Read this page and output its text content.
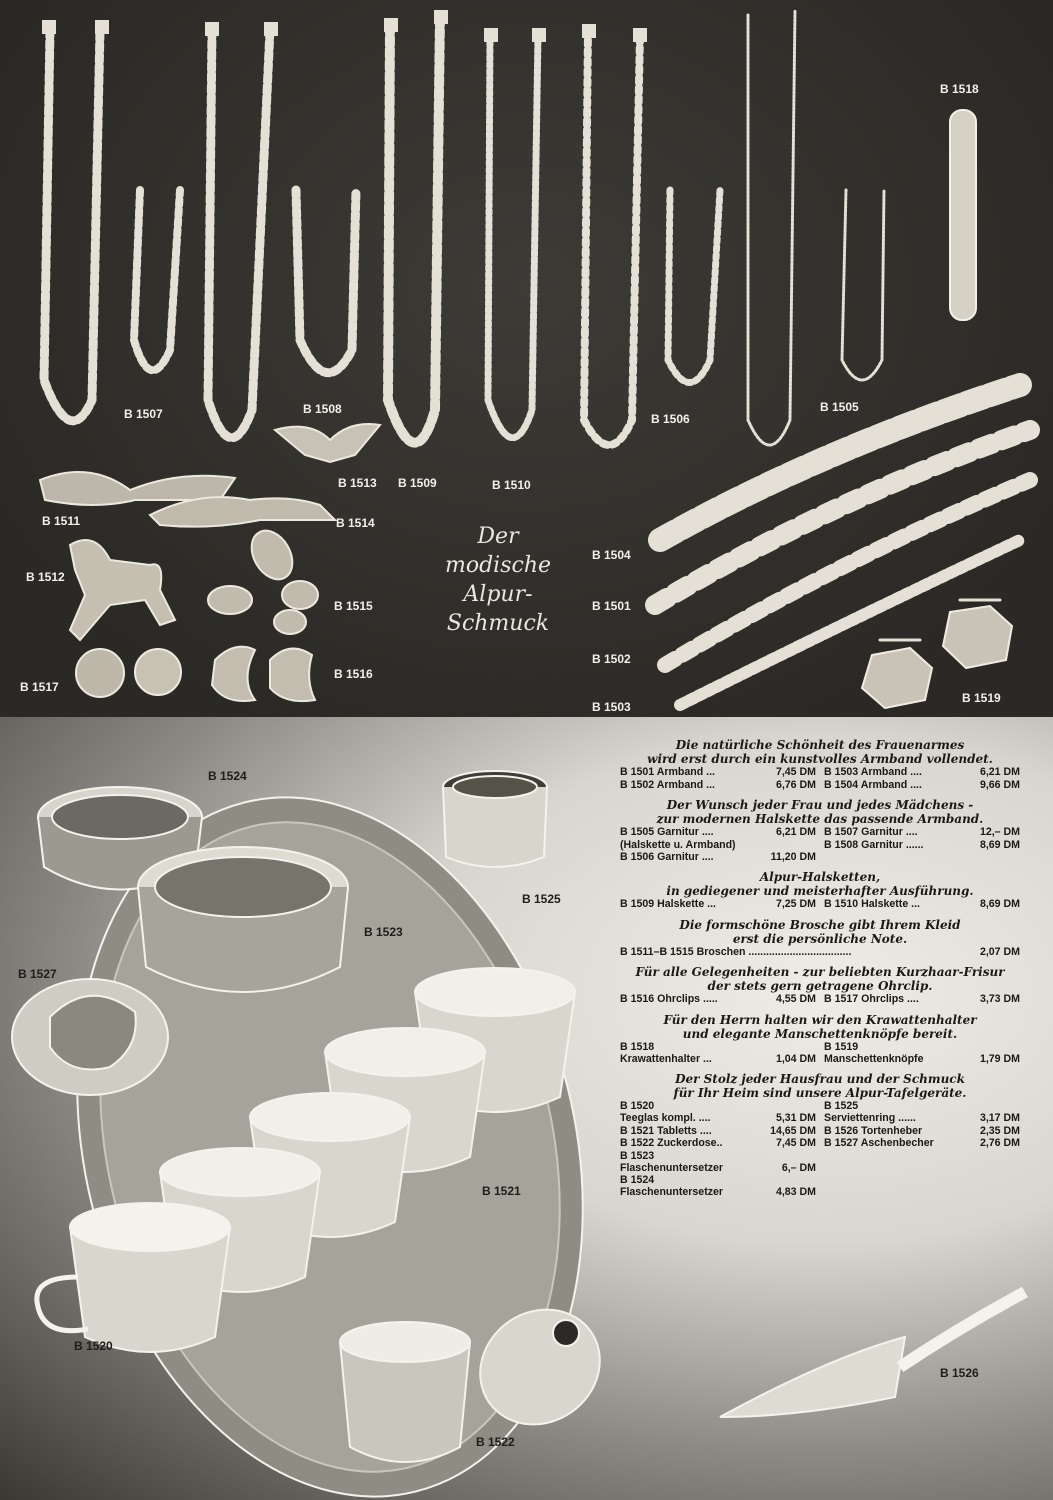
B 1507	B 1508
B 1506
B 1505
B 1518
B 1513 B 1509	B 1510
B 1511	B 1514
B 1512
B 1515
B 1517
B 1516
B 1504
B 1501
B 1502
B 1503
B 1519
Der
modische
Alpur-
Schmuck
B 1524
B 1525
B 1523
B 1527
B 1521
B 1520
B 1522
B 1526
Die natürliche Schönheit des Frauenarmes
wird erst durch ein kunstvolles Armband vollendet.
B 1501 Armband ...	7,45 DM
B 1502 Armband ...	6,76 DM
B 1503 Armband ....	6,21 DM
B 1504 Armband ....	9,66 DM
Der Wunsch jeder Frau und jedes Mädchens -
zur modernen Halskette das passende Armband.
B 1505 Garnitur ....	6,21 DM
(Halskette u. Armband)
B 1506 Garnitur ....	11,20 DM
B 1507 Garnitur ....	12,– DM
B 1508 Garnitur ......	8,69 DM
Alpur-Halsketten,
in gediegener und meisterhafter Ausführung.
B 1509 Halskette ...	7,25 DM B 1510 Halskette ...	8,69 DM
Die formschöne Brosche gibt Ihrem Kleid
erst die persönliche Note.
B 1511–B 1515 Broschen ...................................	2,07 DM
Für alle Gelegenheiten - zur beliebten Kurzhaar-Frisur
der stets gern getragene Ohrclip.
B 1516 Ohrclips .....	4,55 DM B 1517 Ohrclips ....	3,73 DM
Für den Herrn halten wir den Krawattenhalter
und elegante Manschettenknöpfe bereit.
B 1518
Krawattenhalter ...	1,04 DM
B 1519
Manschettenknöpfe	1,79 DM
Der Stolz jeder Hausfrau und der Schmuck
für Ihr Heim sind unsere Alpur-Tafelgeräte.
B 1520
Teeglas kompl. ....	5,31 DM
B 1521 Tabletts ....	14,65 DM
B 1522 Zuckerdose..	7,45 DM
B 1523
Flaschenuntersetzer	6,– DM
B 1524
Flaschenuntersetzer	4,83 DM
B 1525
Serviettenring ......	3,17 DM
B 1526 Tortenheber	2,35 DM
B 1527 Aschenbecher	2,76 DM
